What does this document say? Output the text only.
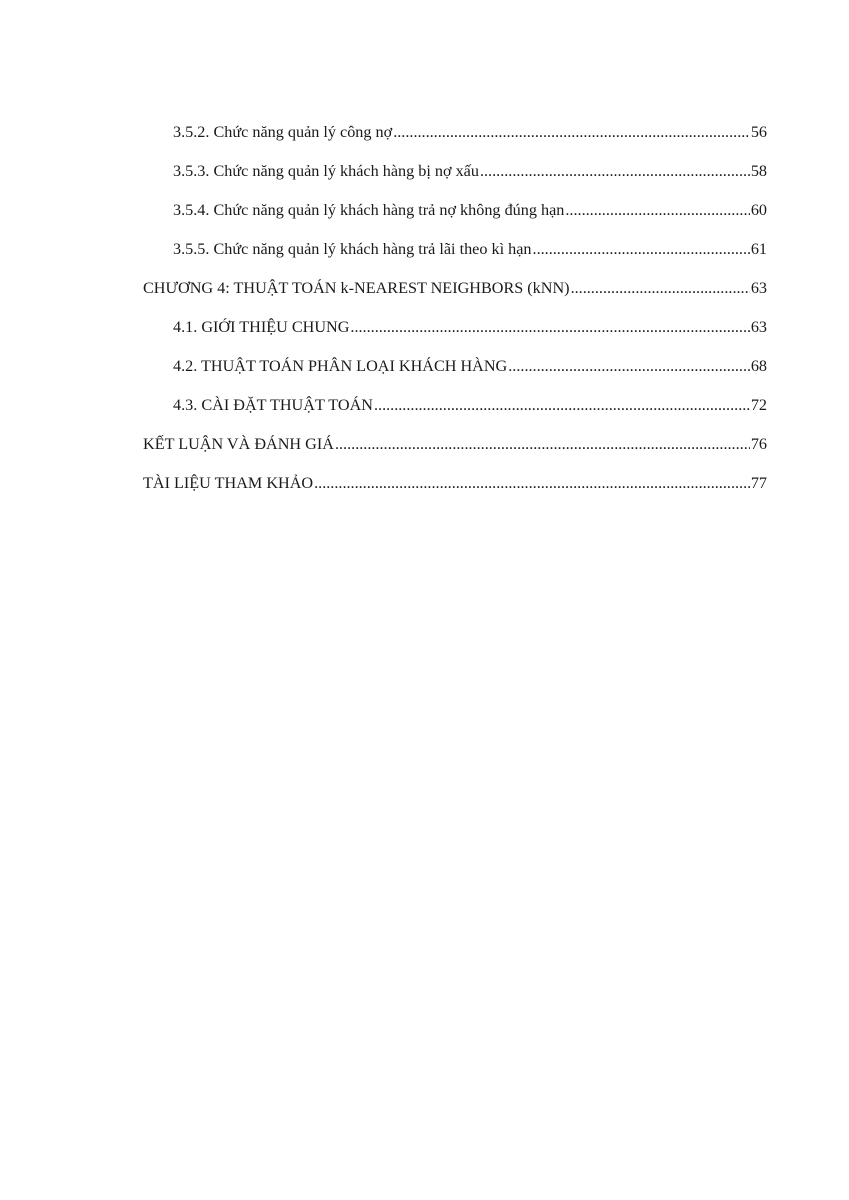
3.5.2. Chức năng quản lý công nợ .....	56
3.5.3. Chức năng quản lý khách hàng bị nợ xấu .....	58
3.5.4. Chức năng quản lý khách hàng trả nợ không đúng hạn .....	60
3.5.5. Chức năng quản lý khách hàng trả lãi theo kì hạn .....	61
CHƯƠNG 4: THUẬT TOÁN k-NEAREST NEIGHBORS (kNN) .....	63
4.1. GIỚI THIỆU CHUNG .....	63
4.2. THUẬT TOÁN PHÂN LOẠI KHÁCH HÀNG .....	68
4.3. CÀI ĐẶT THUẬT TOÁN .....	72
KẾT LUẬN VÀ ĐÁNH GIÁ .....	76
TÀI LIỆU THAM KHẢO .....	77
